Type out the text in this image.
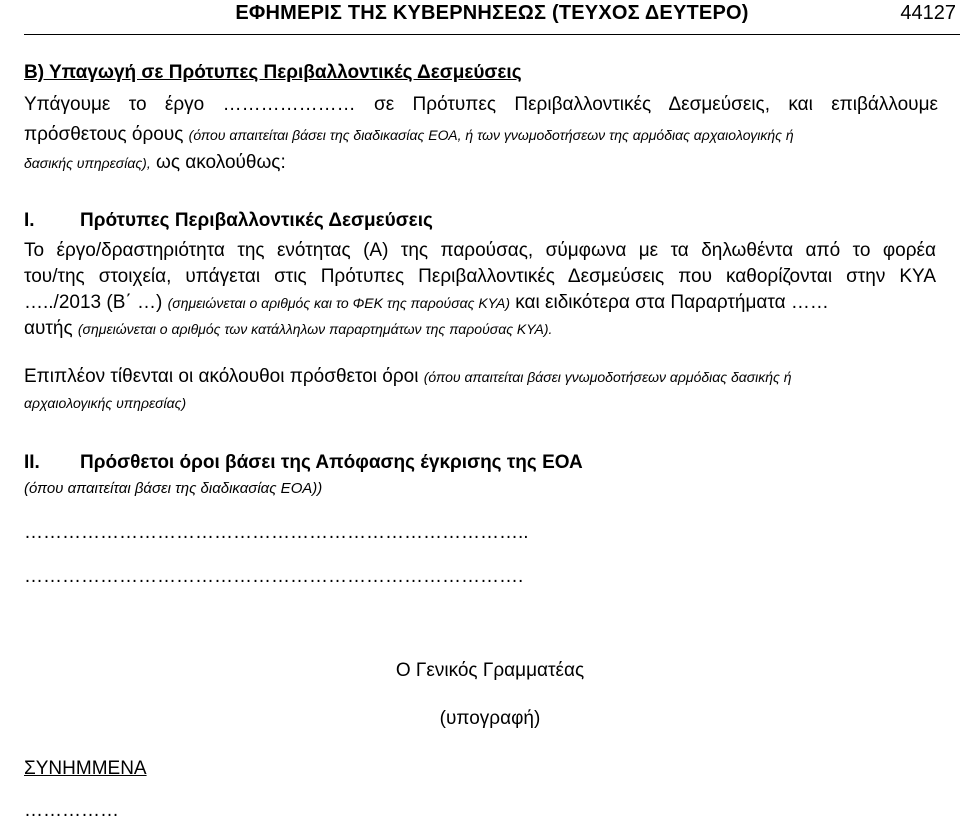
ΕΦΗΜΕΡΙΣ ΤΗΣ ΚΥΒΕΡΝΗΣΕΩΣ (ΤΕΥΧΟΣ ΔΕΥΤΕΡΟ)	44127
Β) Υπαγωγή σε Πρότυπες Περιβαλλοντικές Δεσμεύσεις
Υπάγουμε το έργο ………………… σε Πρότυπες Περιβαλλοντικές Δεσμεύσεις, και επιβάλλουμε
πρόσθετους όρους (όπου απαιτείται βάσει της διαδικασίας ΕΟΑ, ή των γνωμοδοτήσεων της αρμόδιας αρχαιολογικής ή
δασικής υπηρεσίας), ως ακολούθως:
I. Πρότυπες Περιβαλλοντικές Δεσμεύσεις
Το έργο/δραστηριότητα της ενότητας (Α) της παρούσας, σύμφωνα με τα δηλωθέντα από το φορέα
του/της στοιχεία, υπάγεται στις Πρότυπες Περιβαλλοντικές Δεσμεύσεις που καθορίζονται στην ΚΥΑ
…../2013 (Β΄ …) (σημειώνεται ο αριθμός και το ΦΕΚ της παρούσας ΚΥΑ) και ειδικότερα στα Παραρτήματα ……
αυτής (σημειώνεται ο αριθμός των κατάλληλων παραρτημάτων της παρούσας ΚΥΑ).
Επιπλέον τίθενται οι ακόλουθοι πρόσθετοι όροι (όπου απαιτείται βάσει γνωμοδοτήσεων αρμόδιας δασικής ή
αρχαιολογικής υπηρεσίας)
II. Πρόσθετοι όροι βάσει της Απόφασης έγκρισης της ΕΟΑ
(όπου απαιτείται βάσει της διαδικασίας ΕΟΑ))
……………………………………………………………………..
…………………………………………………………………….
Ο Γενικός Γραμματέας
(υπογραφή)
ΣΥΝΗΜΜΕΝΑ
……………
